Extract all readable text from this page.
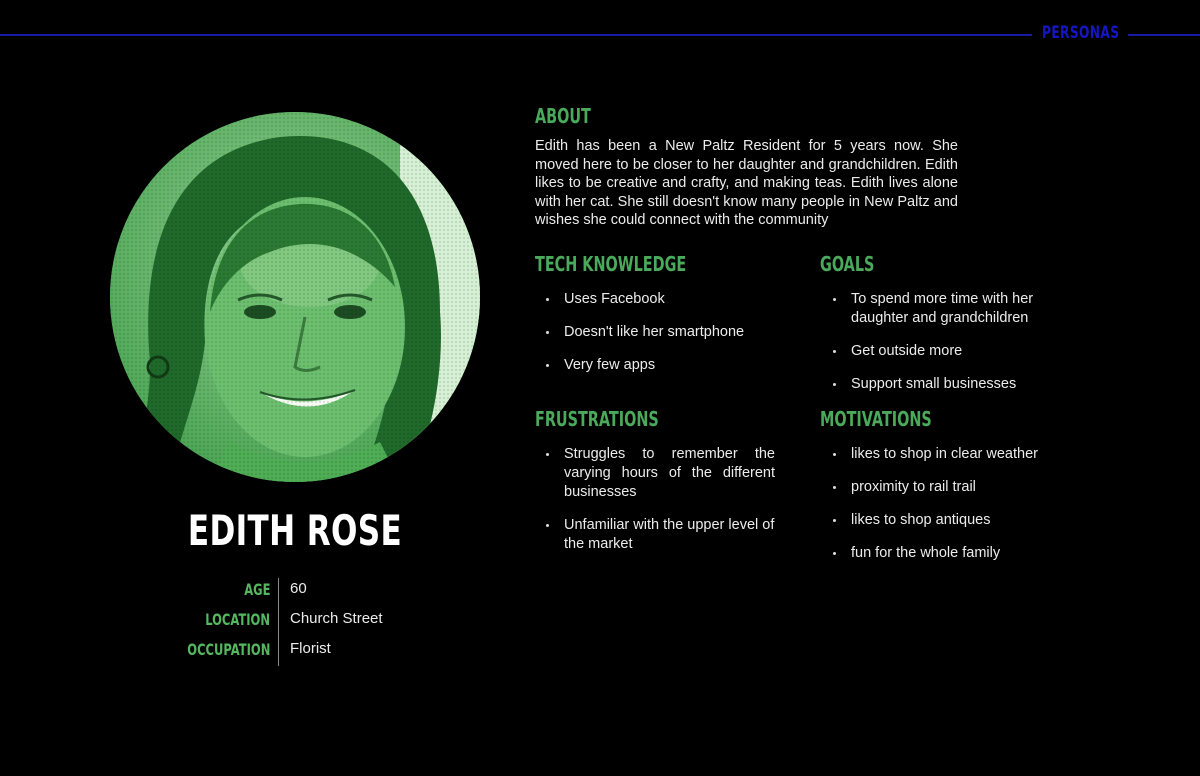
PERSONAS
EDITH ROSE
AGE 60
LOCATION Church Street
OCCUPATION Florist
ABOUT
Edith has been a New Paltz Resident for 5 years now. She moved here to be closer to her daughter and grandchildren. Edith likes to be creative and crafty, and making teas. Edith lives alone with her cat. She still doesn't know many people in New Paltz and wishes she could connect with the community
TECH KNOWLEDGE
Uses Facebook
Doesn't like her smartphone
Very few apps
GOALS
To spend more time with her daughter and grandchildren
Get outside more
Support small businesses
FRUSTRATIONS
Struggles to remember the varying hours of the different businesses
Unfamiliar with the upper level of the market
MOTIVATIONS
likes to shop in clear weather
proximity to rail trail
likes to shop antiques
fun for the whole family
